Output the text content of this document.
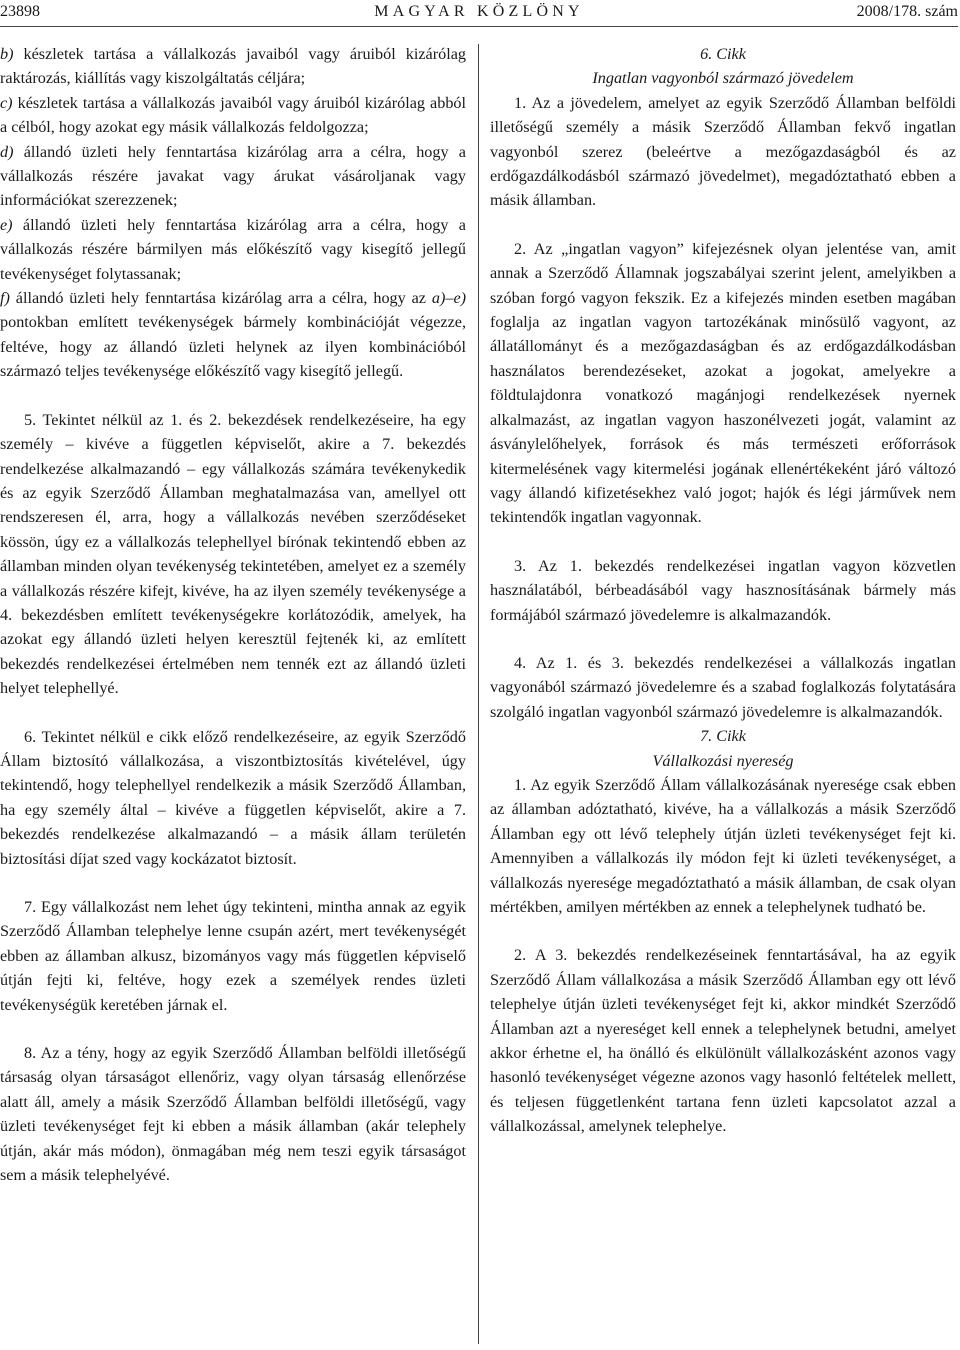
23898	MAGYAR KÖZLÖNY	2008/178. szám

b) készletek tartása a vállalkozás javaiból vagy áruiból kizárólag raktározás, kiállítás vagy kiszolgáltatás céljára;

c) készletek tartása a vállalkozás javaiból vagy áruiból kizárólag abból a célból, hogy azokat egy másik vállalkozás feldolgozza;

d) állandó üzleti hely fenntartása kizárólag arra a célra, hogy a vállalkozás részére javakat vagy árukat vásároljanak vagy információkat szerezzenek;

e) állandó üzleti hely fenntartása kizárólag arra a célra, hogy a vállalkozás részére bármilyen más előkészítő vagy kisegítő jellegű tevékenységet folytassanak;

f) állandó üzleti hely fenntartása kizárólag arra a célra, hogy az a)–e) pontokban említett tevékenységek bármely kombinációját végezze, feltéve, hogy az állandó üzleti helynek az ilyen kombinációból származó teljes tevékenysége előkészítő vagy kisegítő jellegű.

5. Tekintet nélkül az 1. és 2. bekezdések rendelkezéseire, ha egy személy – kivéve a független képviselőt, akire a 7. bekezdés rendelkezése alkalmazandó – egy vállalkozás számára tevékenykedik és az egyik Szerződő Államban meghatalmazása van, amellyel ott rendszeresen él, arra, hogy a vállalkozás nevében szerződéseket kössön, úgy ez a vállalkozás telephellyel bírónak tekintendő ebben az államban minden olyan tevékenység tekintetében, amelyet ez a személy a vállalkozás részére kifejt, kivéve, ha az ilyen személy tevékenysége a 4. bekezdésben említett tevékenységekre korlátozódik, amelyek, ha azokat egy állandó üzleti helyen keresztül fejtenék ki, az említett bekezdés rendelkezései értelmében nem tennék ezt az állandó üzleti helyet telephellyé.

6. Tekintet nélkül e cikk előző rendelkezéseire, az egyik Szerződő Állam biztosító vállalkozása, a viszontbiztosítás kivételével, úgy tekintendő, hogy telephellyel rendelkezik a másik Szerződő Államban, ha egy személy által – kivéve a független képviselőt, akire a 7. bekezdés rendelkezése alkalmazandó – a másik állam területén biztosítási díjat szed vagy kockázatot biztosít.

7. Egy vállalkozást nem lehet úgy tekinteni, mintha annak az egyik Szerződő Államban telephelye lenne csupán azért, mert tevékenységét ebben az államban alkusz, bizományos vagy más független képviselő útján fejti ki, feltéve, hogy ezek a személyek rendes üzleti tevékenységük keretében járnak el.

8. Az a tény, hogy az egyik Szerződő Államban belföldi illetőségű társaság olyan társaságot ellenőriz, vagy olyan társaság ellenőrzése alatt áll, amely a másik Szerződő Államban belföldi illetőségű, vagy üzleti tevékenységet fejt ki ebben a másik államban (akár telephely útján, akár más módon), önmagában még nem teszi egyik társaságot sem a másik telephelyévé.

6. Cikk

Ingatlan vagyonból származó jövedelem

1. Az a jövedelem, amelyet az egyik Szerződő Államban belföldi illetőségű személy a másik Szerződő Államban fekvő ingatlan vagyonból szerez (beleértve a mezőgazdaságból és az erdőgazdálkodásból származó jövedelmet), megadóztatható ebben a másik államban.

2. Az „ingatlan vagyon” kifejezésnek olyan jelentése van, amit annak a Szerződő Államnak jogszabályai szerint jelent, amelyikben a szóban forgó vagyon fekszik. Ez a kifejezés minden esetben magában foglalja az ingatlan vagyon tartozékának minősülő vagyont, az állatállományt és a mezőgazdaságban és az erdőgazdálkodásban használatos berendezéseket, azokat a jogokat, amelyekre a földtulajdonra vonatkozó magánjogi rendelkezések nyernek alkalmazást, az ingatlan vagyon haszonélvezeti jogát, valamint az ásványlelőhelyek, források és más természeti erőforrások kitermelésének vagy kitermelési jogának ellenértékeként járó változó vagy állandó kifizetésekhez való jogot; hajók és légi járművek nem tekintendők ingatlan vagyonnak.

3. Az 1. bekezdés rendelkezései ingatlan vagyon közvetlen használatából, bérbeadásából vagy hasznosításának bármely más formájából származó jövedelemre is alkalmazandók.

4. Az 1. és 3. bekezdés rendelkezései a vállalkozás ingatlan vagyonából származó jövedelemre és a szabad foglalkozás folytatására szolgáló ingatlan vagyonból származó jövedelemre is alkalmazandók.

7. Cikk

Vállalkozási nyereség

1. Az egyik Szerződő Állam vállalkozásának nyeresége csak ebben az államban adóztatható, kivéve, ha a vállalkozás a másik Szerződő Államban egy ott lévő telephely útján üzleti tevékenységet fejt ki. Amennyiben a vállalkozás ily módon fejt ki üzleti tevékenységet, a vállalkozás nyeresége megadóztatható a másik államban, de csak olyan mértékben, amilyen mértékben az ennek a telephelynek tudható be.

2. A 3. bekezdés rendelkezéseinek fenntartásával, ha az egyik Szerződő Állam vállalkozása a másik Szerződő Államban egy ott lévő telephelye útján üzleti tevékenységet fejt ki, akkor mindkét Szerződő Államban azt a nyereséget kell ennek a telephelynek betudni, amelyet akkor érhetne el, ha önálló és elkülönült vállalkozásként azonos vagy hasonló tevékenységet végezne azonos vagy hasonló feltételek mellett, és teljesen függetlenként tartana fenn üzleti kapcsolatot azzal a vállalkozással, amelynek telephelye.
